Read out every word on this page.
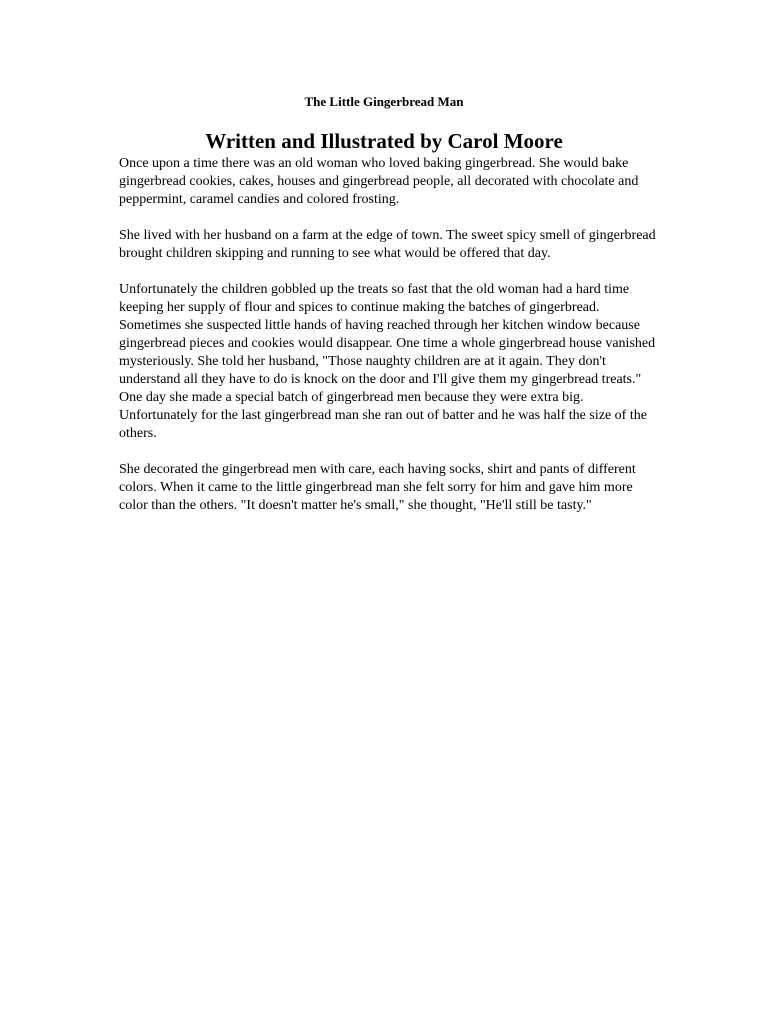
The Little Gingerbread Man
Written and Illustrated by Carol Moore

Once upon a time there was an old woman who loved baking gingerbread. She would bake gingerbread cookies, cakes, houses and gingerbread people, all decorated with chocolate and peppermint, caramel candies and colored frosting.

She lived with her husband on a farm at the edge of town. The sweet spicy smell of gingerbread brought children skipping and running to see what would be offered that day.

Unfortunately the children gobbled up the treats so fast that the old woman had a hard time keeping her supply of flour and spices to continue making the batches of gingerbread. Sometimes she suspected little hands of having reached through her kitchen window because gingerbread pieces and cookies would disappear. One time a whole gingerbread house vanished mysteriously. She told her husband, "Those naughty children are at it again. They don't understand all they have to do is knock on the door and I'll give them my gingerbread treats."

One day she made a special batch of gingerbread men because they were extra big. Unfortunately for the last gingerbread man she ran out of batter and he was half the size of the others.

She decorated the gingerbread men with care, each having socks, shirt and pants of different colors. When it came to the little gingerbread man she felt sorry for him and gave him more color than the others. "It doesn't matter he's small," she thought, "He'll still be tasty."
